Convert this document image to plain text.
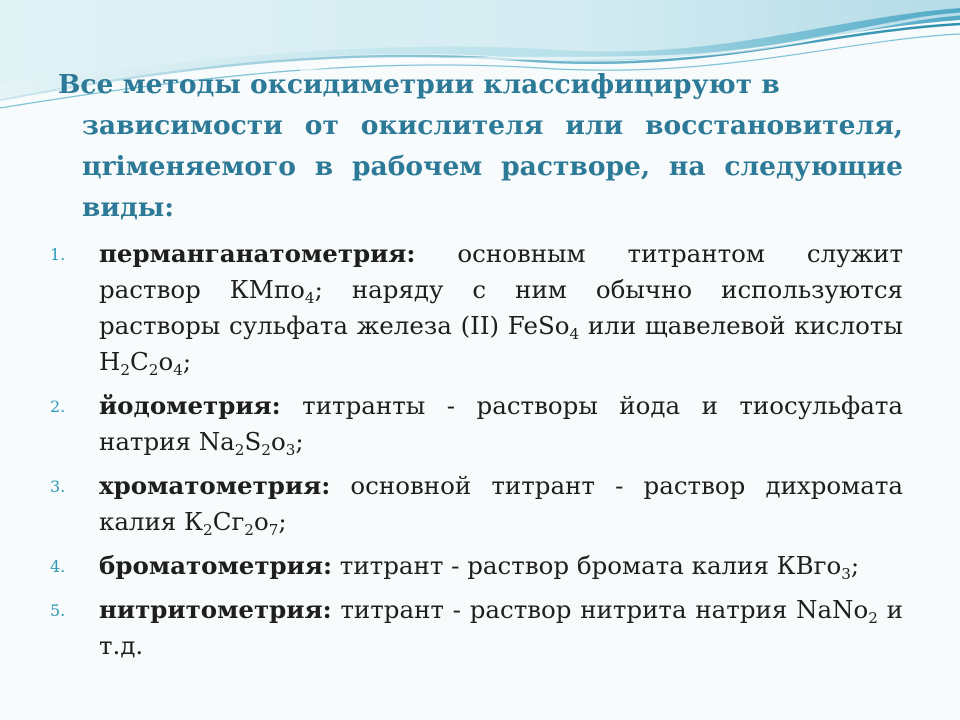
Все методы оксидиметрии классифицируют в
зависимости от окислителя или восстановителя, цriменяемого в рабочем растворе, на следующие виды:

1. перманганатометрия: основным титрантом служит раствор КМпо$_4$; наряду с ним обычно используются растворы сульфата железа (II) FeSo$_4$ или щавелевой кислоты $Н_2С_2о_4$;
2. йодометрия: титранты - растворы йода и тиосульфата натрия $Na_2S_2o_3$;
3. хроматометрия: основной титрант - раствор дихромата калия $К_2Сг_2о_7$;
4. броматометрия: титрант - раствор бромата калия КВго$_3$;
5. нитритометрия: титрант - раствор нитрита натрия NaNo$_2$ и т.д.
